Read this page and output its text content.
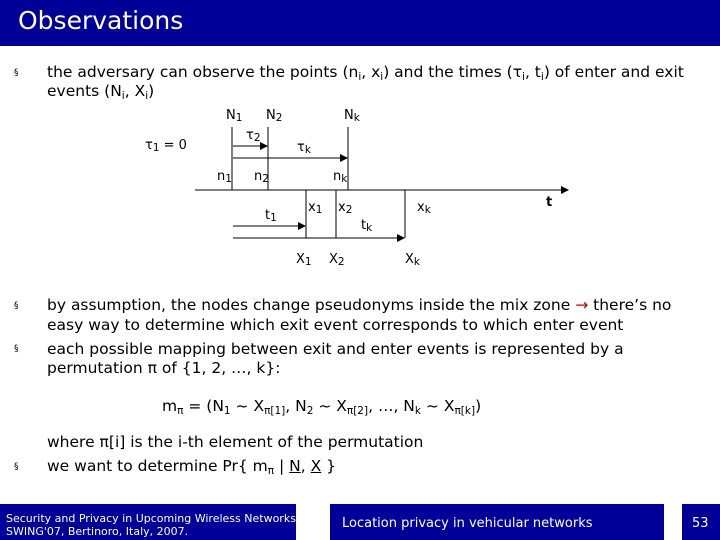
Observations
§ the adversary can observe the points ($n_i$, $x_i$) and the times ($\tau_i$, $t_i$) of enter and exit
events ($N_i$, $X_i$)
N1 N2	Nk
τ2
τ1 = 0	τk
n1 n2	nk
t1
x1 x2
tk
xk	t
X1 X2	Xk
§ by assumption, the nodes change pseudonyms inside the mix zone → there’s no
easy way to determine which exit event corresponds to which enter event
§ each possible mapping between exit and enter events is represented by a
permutation π of {1, 2, …, k}:
$m_\pi = (N_1$ ~ $X_{\pi[1]}$, $N_2$ ~ $X_{\pi[2]}$, …, $N_k$ ~ $X_{\pi[k]}$)
where π[i] is the i-th element of the permutation
§ we want to determine Pr{ $m_\pi$ | N, X }
Security and Privacy in Upcoming Wireless Networks
SWING'07, Bertinoro, Italy, 2007.
Location privacy in vehicular networks	53
